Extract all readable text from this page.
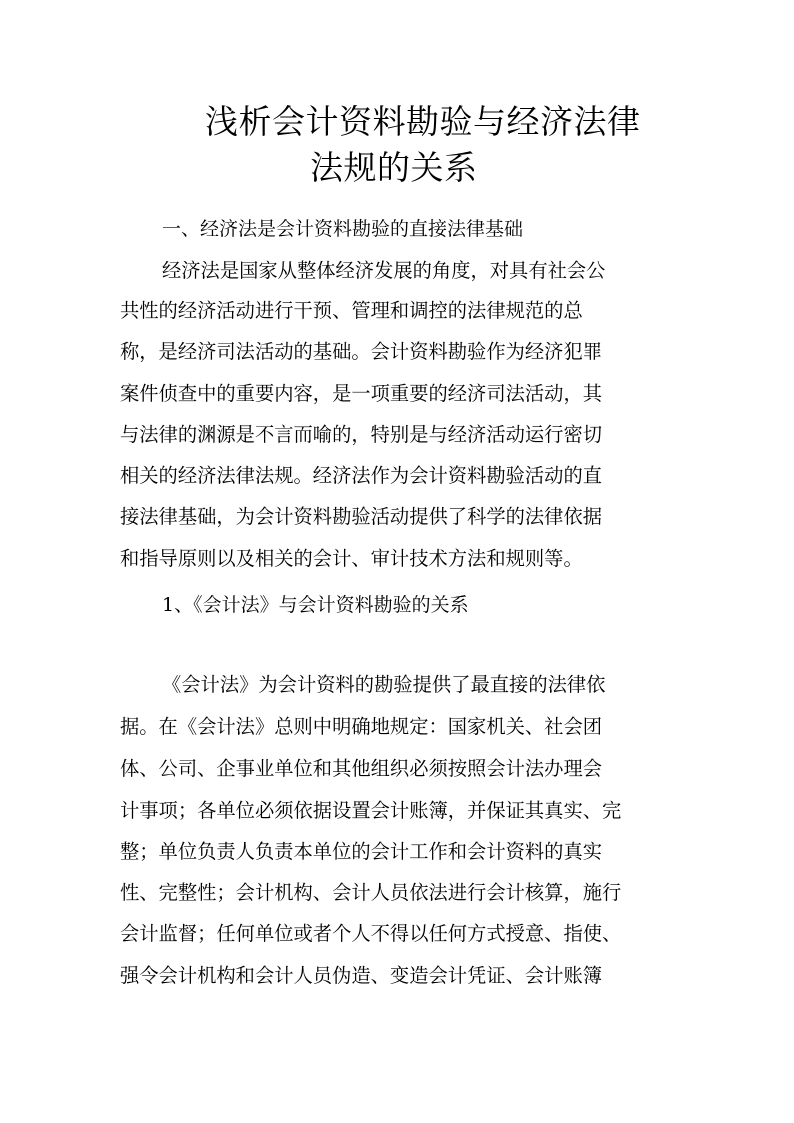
浅析会计资料勘验与经济法律
法规的关系
一、经济法是会计资料勘验的直接法律基础
经济法是国家从整体经济发展的角度，对具有社会公
共性的经济活动进行干预、管理和调控的法律规范的总
称，是经济司法活动的基础。会计资料勘验作为经济犯罪
案件侦查中的重要内容，是一项重要的经济司法活动，其
与法律的渊源是不言而喻的，特别是与经济活动运行密切
相关的经济法律法规。经济法作为会计资料勘验活动的直
接法律基础，为会计资料勘验活动提供了科学的法律依据
和指导原则以及相关的会计、审计技术方法和规则等。
1、《会计法》与会计资料勘验的关系
《会计法》为会计资料的勘验提供了最直接的法律依
据。在《会计法》总则中明确地规定：国家机关、社会团
体、公司、企事业单位和其他组织必须按照会计法办理会
计事项；各单位必须依据设置会计账簿，并保证其真实、完
整；单位负责人负责本单位的会计工作和会计资料的真实
性、完整性；会计机构、会计人员依法进行会计核算，施行
会计监督；任何单位或者个人不得以任何方式授意、指使、
强令会计机构和会计人员伪造、变造会计凭证、会计账簿
